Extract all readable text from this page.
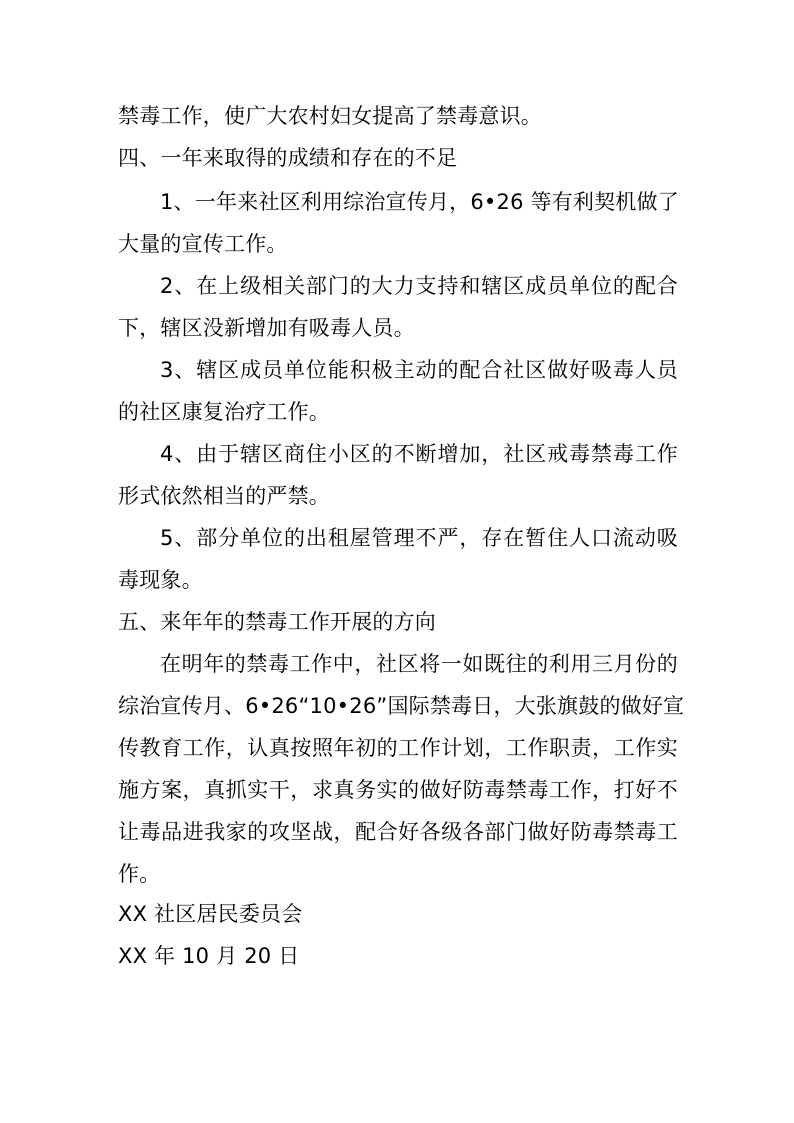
禁毒工作，使广大农村妇女提高了禁毒意识。
四、一年来取得的成绩和存在的不足
1、一年来社区利用综治宣传月，6•26 等有利契机做了
大量的宣传工作。
2、在上级相关部门的大力支持和辖区成员单位的配合
下，辖区没新增加有吸毒人员。
3、辖区成员单位能积极主动的配合社区做好吸毒人员
的社区康复治疗工作。
4、由于辖区商住小区的不断增加，社区戒毒禁毒工作
形式依然相当的严禁。
5、部分单位的出租屋管理不严，存在暂住人口流动吸
毒现象。
五、来年年的禁毒工作开展的方向
在明年的禁毒工作中，社区将一如既往的利用三月份的
综治宣传月、6•26“10•26”国际禁毒日，大张旗鼓的做好宣
传教育工作，认真按照年初的工作计划，工作职责，工作实
施方案，真抓实干，求真务实的做好防毒禁毒工作，打好不
让毒品进我家的攻坚战，配合好各级各部门做好防毒禁毒工
作。
XX 社区居民委员会
XX 年 10 月 20 日
